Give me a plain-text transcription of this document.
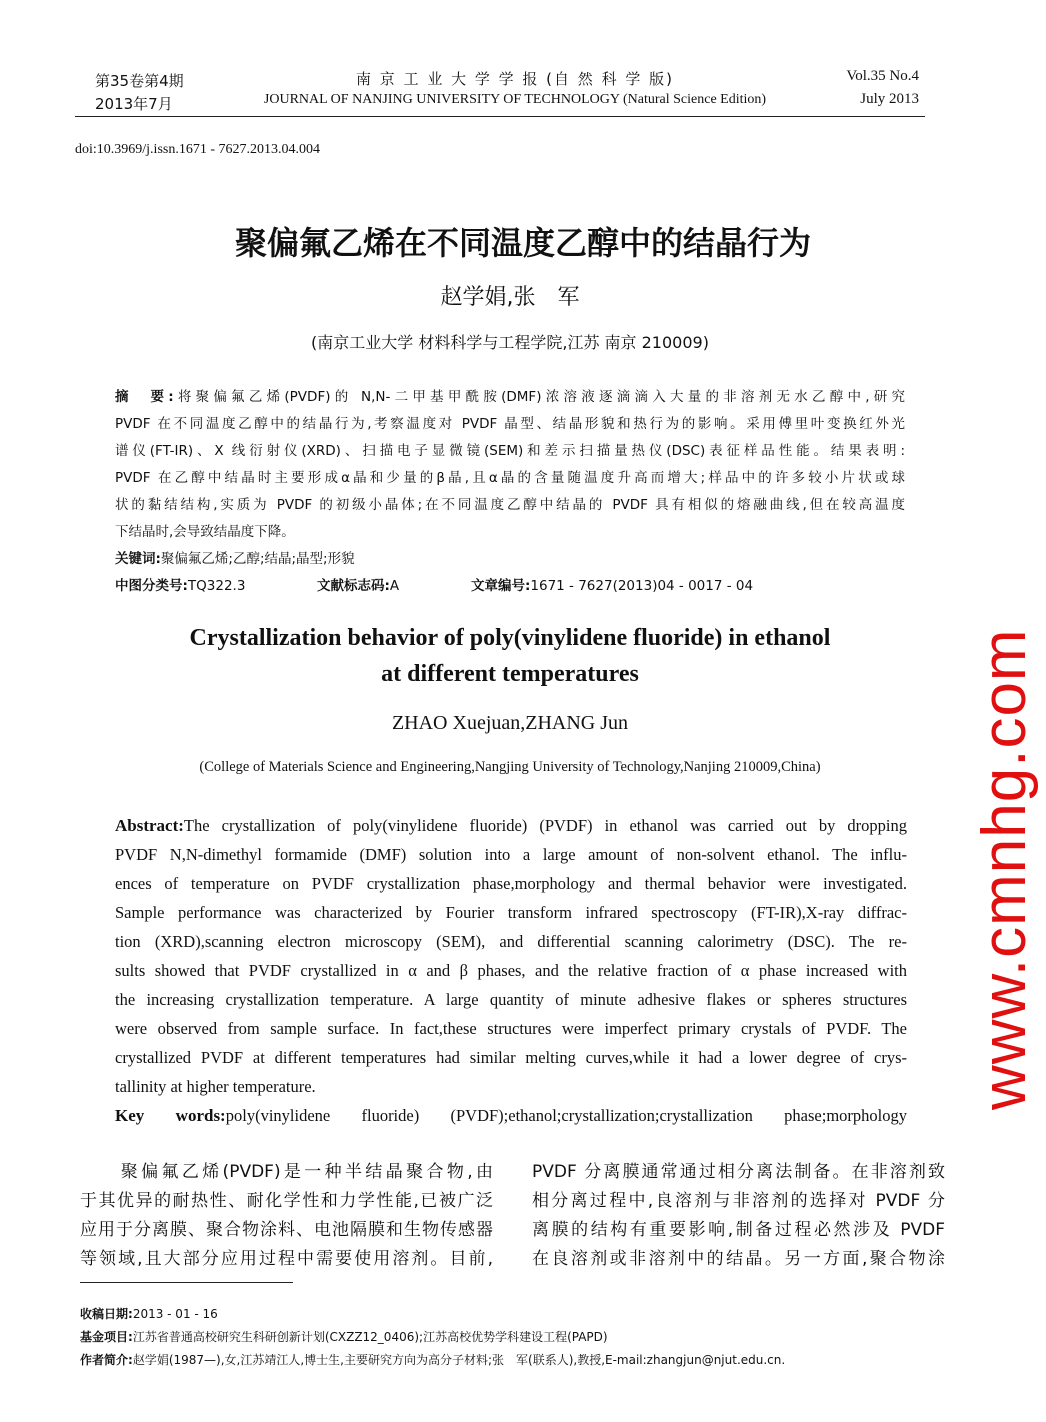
第35卷第4期
2013年7月
南 京 工 业 大 学 学 报 (自 然 科 学 版)
JOURNAL OF NANJING UNIVERSITY OF TECHNOLOGY (Natural Science Edition)
Vol.35 No.4
July 2013
doi:10.3969/j.issn.1671 - 7627.2013.04.004
聚偏氟乙烯在不同温度乙醇中的结晶行为
赵学娟,张　军
(南京工业大学 材料科学与工程学院,江苏 南京 210009)
摘　要:将聚偏氟乙烯(PVDF)的 N,N-二甲基甲酰胺(DMF)浓溶液逐滴滴入大量的非溶剂无水乙醇中,研究
PVDF 在不同温度乙醇中的结晶行为,考察温度对 PVDF 晶型、结晶形貌和热行为的影响。采用傅里叶变换红外光
谱仪(FT-IR)、X 线衍射仪(XRD)、扫描电子显微镜(SEM)和差示扫描量热仪(DSC)表征样品性能。结果表明:
PVDF 在乙醇中结晶时主要形成α晶和少量的β晶,且α晶的含量随温度升高而增大;样品中的许多较小片状或球
状的黏结结构,实质为 PVDF 的初级小晶体;在不同温度乙醇中结晶的 PVDF 具有相似的熔融曲线,但在较高温度
下结晶时,会导致结晶度下降。
关键词:聚偏氟乙烯;乙醇;结晶;晶型;形貌
中图分类号:TQ322.3	文献标志码:A	文章编号:1671 - 7627(2013)04 - 0017 - 04
Crystallization behavior of poly(vinylidene fluoride) in ethanol
at different temperatures
ZHAO Xuejuan,ZHANG Jun
(College of Materials Science and Engineering,Nangjing University of Technology,Nanjing 210009,China)
Abstract:The crystallization of poly(vinylidene fluoride) (PVDF) in ethanol was carried out by dropping
PVDF N,N-dimethyl formamide (DMF) solution into a large amount of non-solvent ethanol. The influ-
ences of temperature on PVDF crystallization phase,morphology and thermal behavior were investigated.
Sample performance was characterized by Fourier transform infrared spectroscopy (FT-IR),X-ray diffrac-
tion (XRD),scanning electron microscopy (SEM), and differential scanning calorimetry (DSC). The re-
sults showed that PVDF crystallized in α and β phases, and the relative fraction of α phase increased with
the increasing crystallization temperature. A large quantity of minute adhesive flakes or spheres structures
were observed from sample surface. In fact,these structures were imperfect primary crystals of PVDF. The
crystallized PVDF at different temperatures had similar melting curves,while it had a lower degree of crys-
tallinity at higher temperature.
Key words:poly(vinylidene fluoride) (PVDF);ethanol;crystallization;crystallization phase;morphology
　　聚偏氟乙烯(PVDF)是一种半结晶聚合物,由
于其优异的耐热性、耐化学性和力学性能,已被广泛
应用于分离膜、聚合物涂料、电池隔膜和生物传感器
等领域,且大部分应用过程中需要使用溶剂。目前,
PVDF 分离膜通常通过相分离法制备。在非溶剂致
相分离过程中,良溶剂与非溶剂的选择对 PVDF 分
离膜的结构有重要影响,制备过程必然涉及 PVDF
在良溶剂或非溶剂中的结晶。另一方面,聚合物涂
收稿日期:2013 - 01 - 16
基金项目:江苏省普通高校研究生科研创新计划(CXZZ12_0406);江苏高校优势学科建设工程(PAPD)
作者简介:赵学娟(1987—),女,江苏靖江人,博士生,主要研究方向为高分子材料;张　军(联系人),教授,E-mail:zhangjun@njut.edu.cn.
www.cmnhg.com
